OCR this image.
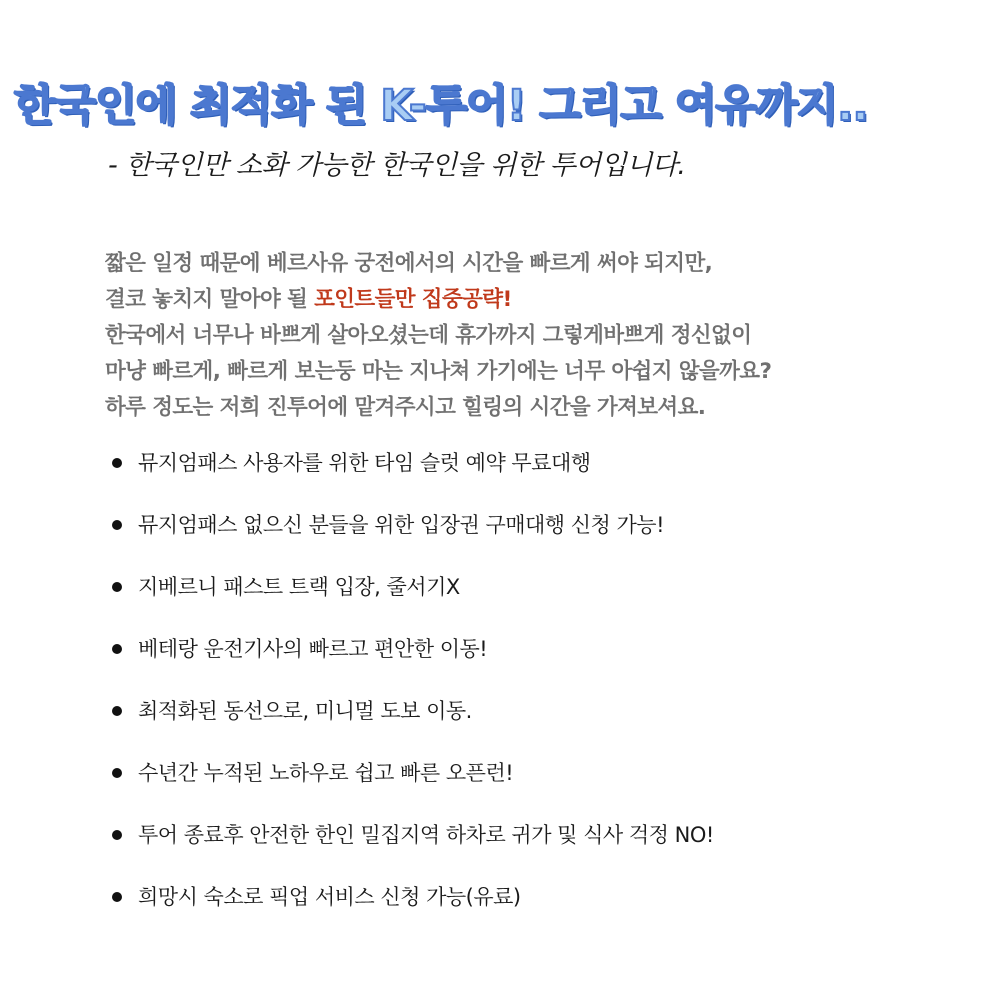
한국인에 최적화 된 K-투어! 그리고 여유까지..

- 한국인만 소화 가능한 한국인을 위한 투어입니다.

짧은 일정 때문에 베르사유 궁전에서의 시간을 빠르게 써야 되지만,
결코 놓치지 말아야 될 포인트들만 집중공략!
한국에서 너무나 바쁘게 살아오셨는데 휴가까지 그렇게바쁘게 정신없이
마냥 빠르게, 빠르게 보는둥 마는 지나쳐 가기에는 너무 아쉽지 않을까요?
하루 정도는 저희 진투어에 맡겨주시고 힐링의 시간을 가져보셔요.
뮤지엄패스 사용자를 위한 타임 슬럿 예약 무료대행
뮤지엄패스 없으신 분들을 위한 입장권 구매대행 신청 가능!
지베르니 패스트 트랙 입장, 줄서기X
베테랑 운전기사의 빠르고 편안한 이동!
최적화된 동선으로, 미니멀 도보 이동.
수년간 누적된 노하우로 쉽고 빠른 오픈런!
투어 종료후 안전한 한인 밀집지역 하차로 귀가 및 식사 걱정 NO!
희망시 숙소로 픽업 서비스 신청 가능(유료)
